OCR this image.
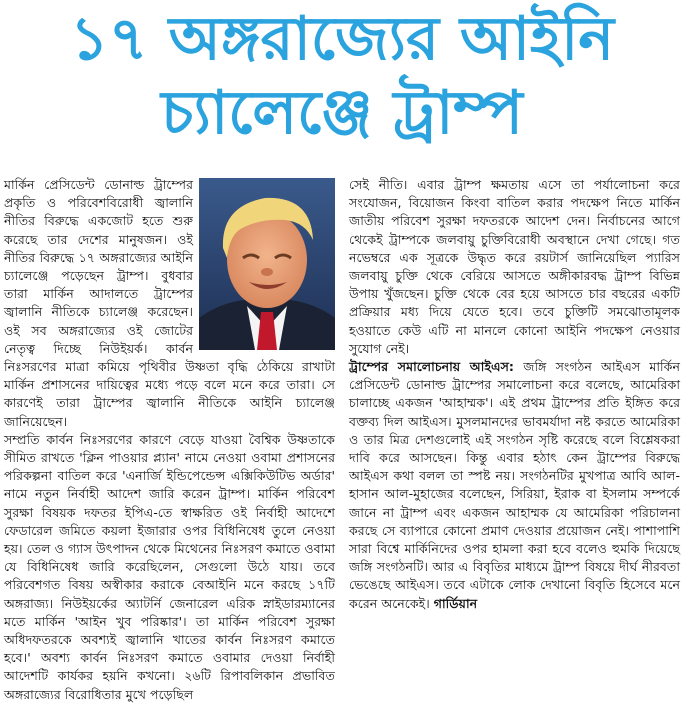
১৭ অঙ্গরাজ্যের আইনি
চ্যালেঞ্জে ট্রাম্প

মার্কিন প্রেসিডেন্ট ডোনাল্ড ট্রাম্পের প্রকৃতি ও পরিবেশবিরোধী জ্বালানি নীতির বিরুদ্ধে একজোট হতে শুরু করেছে তার দেশের মানুষজন। ওই নীতির বিরুদ্ধে ১৭ অঙ্গরাজ্যের আইনি চ্যালেঞ্জে পড়েছেন ট্রাম্প। বুধবার তারা মার্কিন আদালতে ট্রাম্পের জ্বালানি নীতিকে চ্যালেঞ্জ করেছেন। ওই সব অঙ্গরাজ্যের ওই জোটের নেতৃত্ব দিচ্ছে নিউইয়র্ক। কার্বন নিঃসরণের মাত্রা কমিয়ে পৃথিবীর উষ্ণতা বৃদ্ধি ঠেকিয়ে রাখাটা মার্কিন প্রশাসনের দায়িত্বের মধ্যে পড়ে বলে মনে করে তারা। সে কারণেই তারা ট্রাম্পের জ্বালানি নীতিকে আইনি চ্যালেঞ্জ জানিয়েছেন।

সম্প্রতি কার্বন নিঃসরণের কারণে বেড়ে যাওয়া বৈশ্বিক উষ্ণতাকে সীমিত রাখতে 'ক্লিন পাওয়ার প্ল্যান' নামে নেওয়া ওবামা প্রশাসনের পরিকল্পনা বাতিল করে 'এনার্জি ইন্ডিপেন্ডেন্স এক্সিকিউটিভ অর্ডার' নামে নতুন নির্বাহী আদেশ জারি করেন ট্রাম্প। মার্কিন পরিবেশ সুরক্ষা বিষয়ক দফতর ইপিএ-তে স্বাক্ষরিত ওই নির্বাহী আদেশে ফেডারেল জমিতে কয়লা ইজারার ওপর বিধিনিষেধ তুলে নেওয়া হয়। তেল ও গ্যাস উৎপাদন থেকে মিথেনের নিঃসরণ কমাতে ওবামা যে বিধিনিষেধ জারি করেছিলেন, সেগুলো উঠে যায়। তবে পরিবেশগত বিষয় অস্বীকার করাকে বেআইনি মনে করছে ১৭টি অঙ্গরাজ্য। নিউইয়র্কের অ্যাটর্নি জেনারেল এরিক স্নাইডারম্যানের মতে মার্কিন 'আইন খুব পরিষ্কার'। তা মার্কিন পরিবেশ সুরক্ষা অধিদফতরকে অবশ্যই জ্বালানি খাতের কার্বন নিঃসরণ কমাতে হবে।' অবশ্য কার্বন নিঃসরণ কমাতে ওবামার দেওয়া নির্বাহী আদেশটি কার্যকর হয়নি কখনো। ২৬টি রিপাবলিকান প্রভাবিত অঙ্গরাজ্যের বিরোধিতার মুখে পড়েছিল

সেই নীতি। এবার ট্রাম্প ক্ষমতায় এসে তা পর্যালোচনা করে সংযোজন, বিয়োজন কিংবা বাতিল করার পদক্ষেপ নিতে মার্কিন জাতীয় পরিবেশ সুরক্ষা দফতরকে আদেশ দেন। নির্বাচনের আগে থেকেই ট্রাম্পকে জলবায়ু চুক্তিবিরোধী অবস্থানে দেখা গেছে। গত নভেম্বরে এক সূত্রকে উদ্ধৃত করে রয়টার্স জানিয়েছিল প্যারিস জলবায়ু চুক্তি থেকে বেরিয়ে আসতে অঙ্গীকারবদ্ধ ট্রাম্প বিভিন্ন উপায় খুঁজছেন। চুক্তি থেকে বের হয়ে আসতে চার বছরের একটি প্রক্রিয়ার মধ্য দিয়ে যেতে হবে। তবে চুক্তিটি সমঝোতামূলক হওয়াতে কেউ এটি না মানলে কোনো আইনি পদক্ষেপ নেওয়ার সুযোগ নেই।

ট্রাম্পের সমালোচনায় আইএস: জঙ্গি সংগঠন আইএস মার্কিন প্রেসিডেন্ট ডোনাল্ড ট্রাম্পের সমালোচনা করে বলেছে, আমেরিকা চালাচ্ছে একজন 'আহাম্মক'। এই প্রথম ট্রাম্পের প্রতি ইঙ্গিত করে বক্তব্য দিল আইএস। মুসলমানদের ভাবমর্যাদা নষ্ট করতে আমেরিকা ও তার মিত্র দেশগুলোই এই সংগঠন সৃষ্টি করেছে বলে বিশ্লেষকরা দাবি করে আসছেন। কিন্তু এবার হঠাৎ কেন ট্রাম্পের বিরুদ্ধে আইএস কথা বলল তা স্পষ্ট নয়। সংগঠনটির মুখপাত্র আবি আল-হাসান আল-মুহাজের বলেছেন, সিরিয়া, ইরাক বা ইসলাম সম্পর্কে জানে না ট্রাম্প এবং একজন আহাম্মক যে আমেরিকা পরিচালনা করছে সে ব্যাপারে কোনো প্রমাণ দেওয়ার প্রয়োজন নেই। পাশাপাশি সারা বিশ্বে মার্কিনিদের ওপর হামলা করা হবে বলেও হুমকি দিয়েছে জঙ্গি সংগঠনটি। আর এ বিবৃতির মাধ্যমে ট্রাম্প বিষয়ে দীর্ঘ নীরবতা ভেঙেছে আইএস। তবে এটাকে লোক দেখানো বিবৃতি হিসেবে মনে করেন অনেকেই। গার্ডিয়ান
